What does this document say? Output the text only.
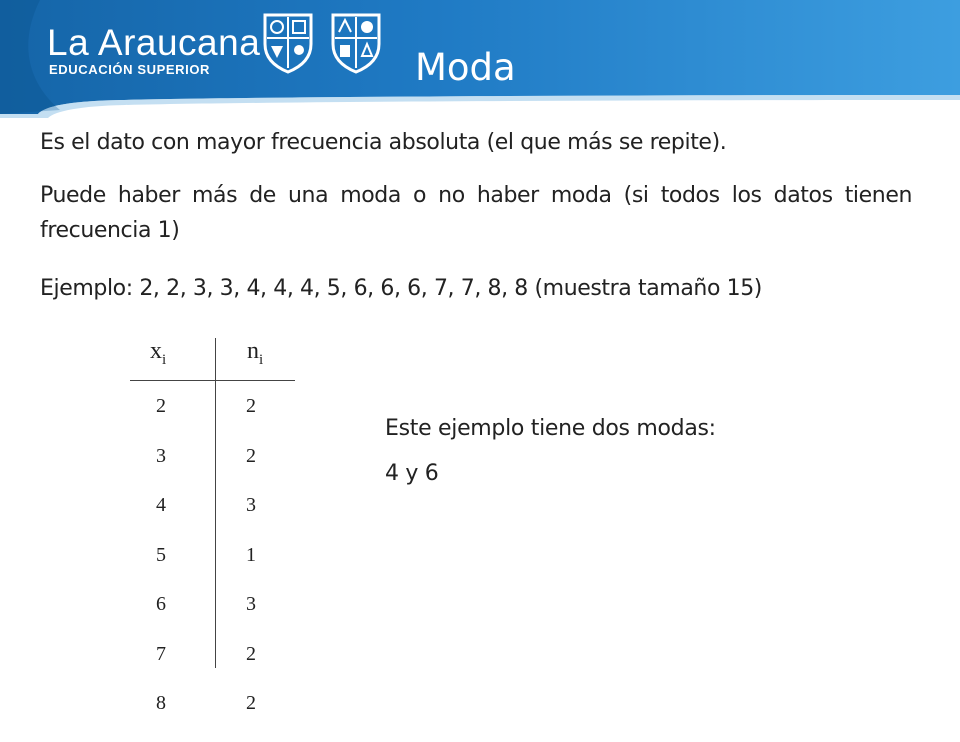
La Araucana
EDUCACIÓN SUPERIOR	Moda
Es el dato con mayor frecuencia absoluta (el que más se repite).
Puede haber más de una moda o no haber moda (si todos los datos tienen frecuencia 1)
Ejemplo: 2, 2, 3, 3, 4, 4, 4, 5, 6, 6, 6, 7, 7, 8, 8 (muestra tamaño 15)
$x_i$	$n_i$
2	2
3	2
4	3
5	1
6	3
7	2
8	2
Este ejemplo tiene dos modas:
4 y 6
